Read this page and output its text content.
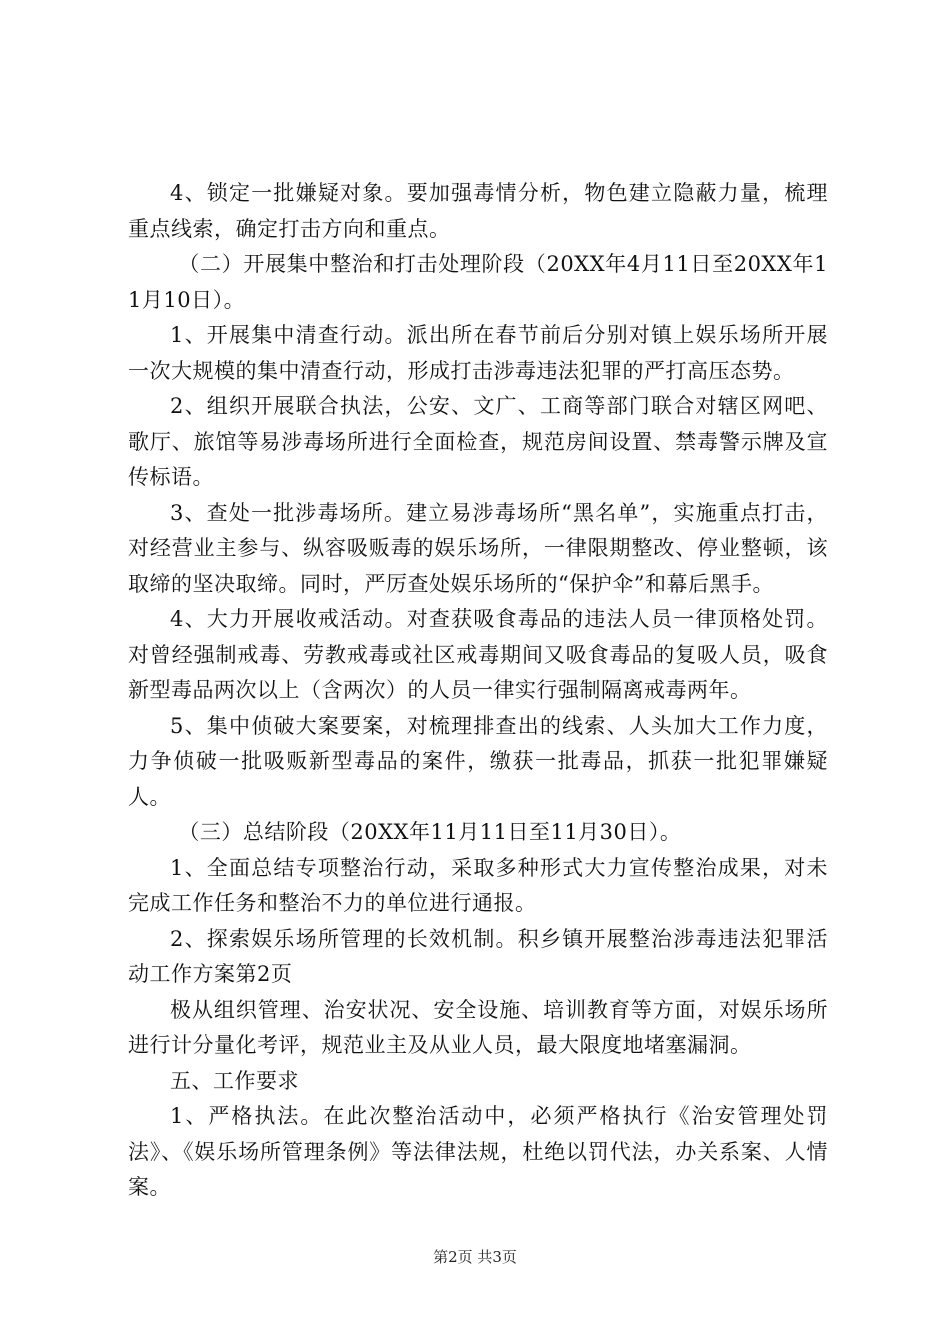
4、锁定一批嫌疑对象。要加强毒情分析，物色建立隐蔽力量，梳理重点线索，确定打击方向和重点。

（二）开展集中整治和打击处理阶段（20XX年4月11日至20XX年11月10日）。

1、开展集中清查行动。派出所在春节前后分别对镇上娱乐场所开展一次大规模的集中清查行动，形成打击涉毒违法犯罪的严打高压态势。

2、组织开展联合执法，公安、文广、工商等部门联合对辖区网吧、歌厅、旅馆等易涉毒场所进行全面检查，规范房间设置、禁毒警示牌及宣传标语。

3、查处一批涉毒场所。建立易涉毒场所“黑名单”，实施重点打击，对经营业主参与、纵容吸贩毒的娱乐场所，一律限期整改、停业整顿，该取缔的坚决取缔。同时，严厉查处娱乐场所的“保护伞”和幕后黑手。

4、大力开展收戒活动。对查获吸食毒品的违法人员一律顶格处罚。对曾经强制戒毒、劳教戒毒或社区戒毒期间又吸食毒品的复吸人员，吸食新型毒品两次以上（含两次）的人员一律实行强制隔离戒毒两年。

5、集中侦破大案要案，对梳理排查出的线索、人头加大工作力度，力争侦破一批吸贩新型毒品的案件，缴获一批毒品，抓获一批犯罪嫌疑人。

（三）总结阶段（20XX年11月11日至11月30日）。

1、全面总结专项整治行动，采取多种形式大力宣传整治成果，对未完成工作任务和整治不力的单位进行通报。

2、探索娱乐场所管理的长效机制。积乡镇开展整治涉毒违法犯罪活动工作方案第2页

极从组织管理、治安状况、安全设施、培训教育等方面，对娱乐场所进行计分量化考评，规范业主及从业人员，最大限度地堵塞漏洞。

五、工作要求

1、严格执法。在此次整治活动中，必须严格执行《治安管理处罚法》、《娱乐场所管理条例》等法律法规，杜绝以罚代法，办关系案、人情案。

第2页 共3页
